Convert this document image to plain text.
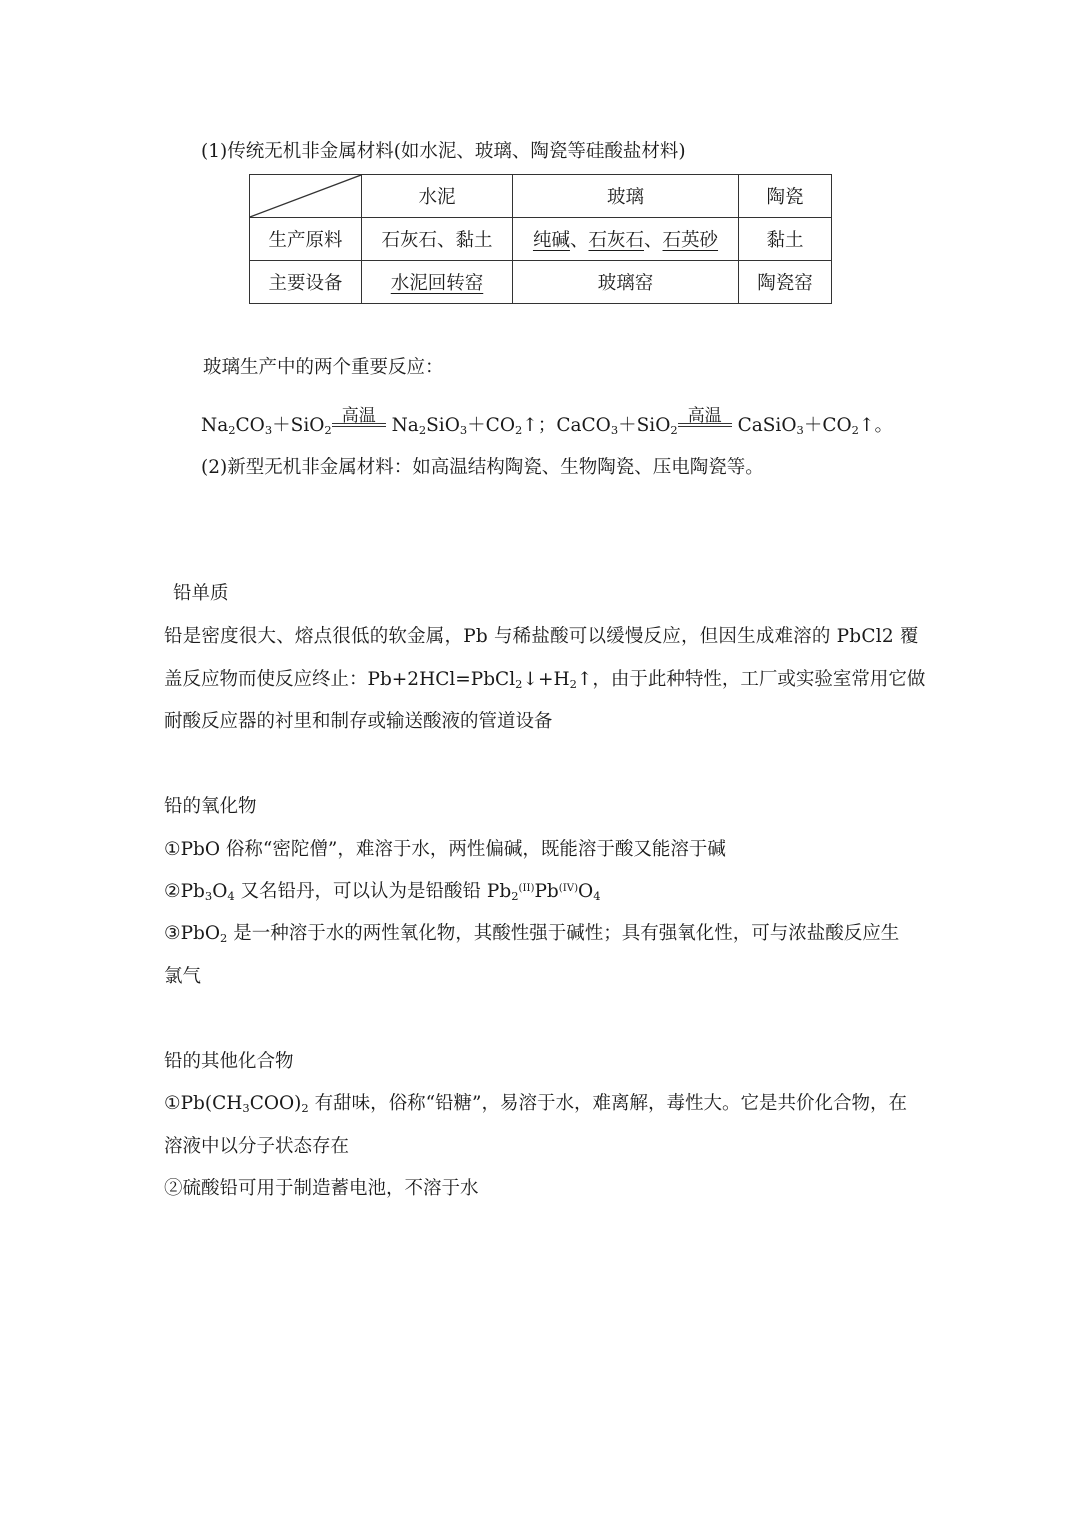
(1)传统无机非金属材料(如水泥、玻璃、陶瓷等硅酸盐材料)
	水泥	玻璃	陶瓷
生产原料	石灰石、黏土	纯碱、石灰石、石英砂	黏土
主要设备	水泥回转窑	玻璃窑	陶瓷窑
玻璃生产中的两个重要反应：
$Na_2CO_3+SiO_2$
高温 $Na_2SiO_3+CO_2↑$；CaCO$_3$＋SiO$_2$
高温 $CaSiO_3+CO_2↑$。
(2)新型无机非金属材料：如高温结构陶瓷、生物陶瓷、压电陶瓷等。
铅单质
铅是密度很大、熔点很低的软金属，Pb 与稀盐酸可以缓慢反应，但因生成难溶的 PbCl2 覆
盖反应物而使反应终止：$Pb+2HCl=PbCl_2↓+H_2↑$，由于此种特性，工厂或实验室常用它做
耐酸反应器的衬里和制存或输送酸液的管道设备
铅的氧化物
①PbO 俗称“密陀僧”，难溶于水，两性偏碱，既能溶于酸又能溶于碱
$②Pb_3O_4$ 又名铅丹，可以认为是铅酸铅 $Pb_2^{(II)}Pb^{(IV)}O_4$
③PbO$_2$ 是一种溶于水的两性氧化物，其酸性强于碱性；具有强氧化性，可与浓盐酸反应生
氯气
铅的其他化合物
$①Pb(CH_3COO)_2$ 有甜味，俗称“铅糖”，易溶于水，难离解，毒性大。它是共价化合物，在
溶液中以分子状态存在
②硫酸铅可用于制造蓄电池，不溶于水
